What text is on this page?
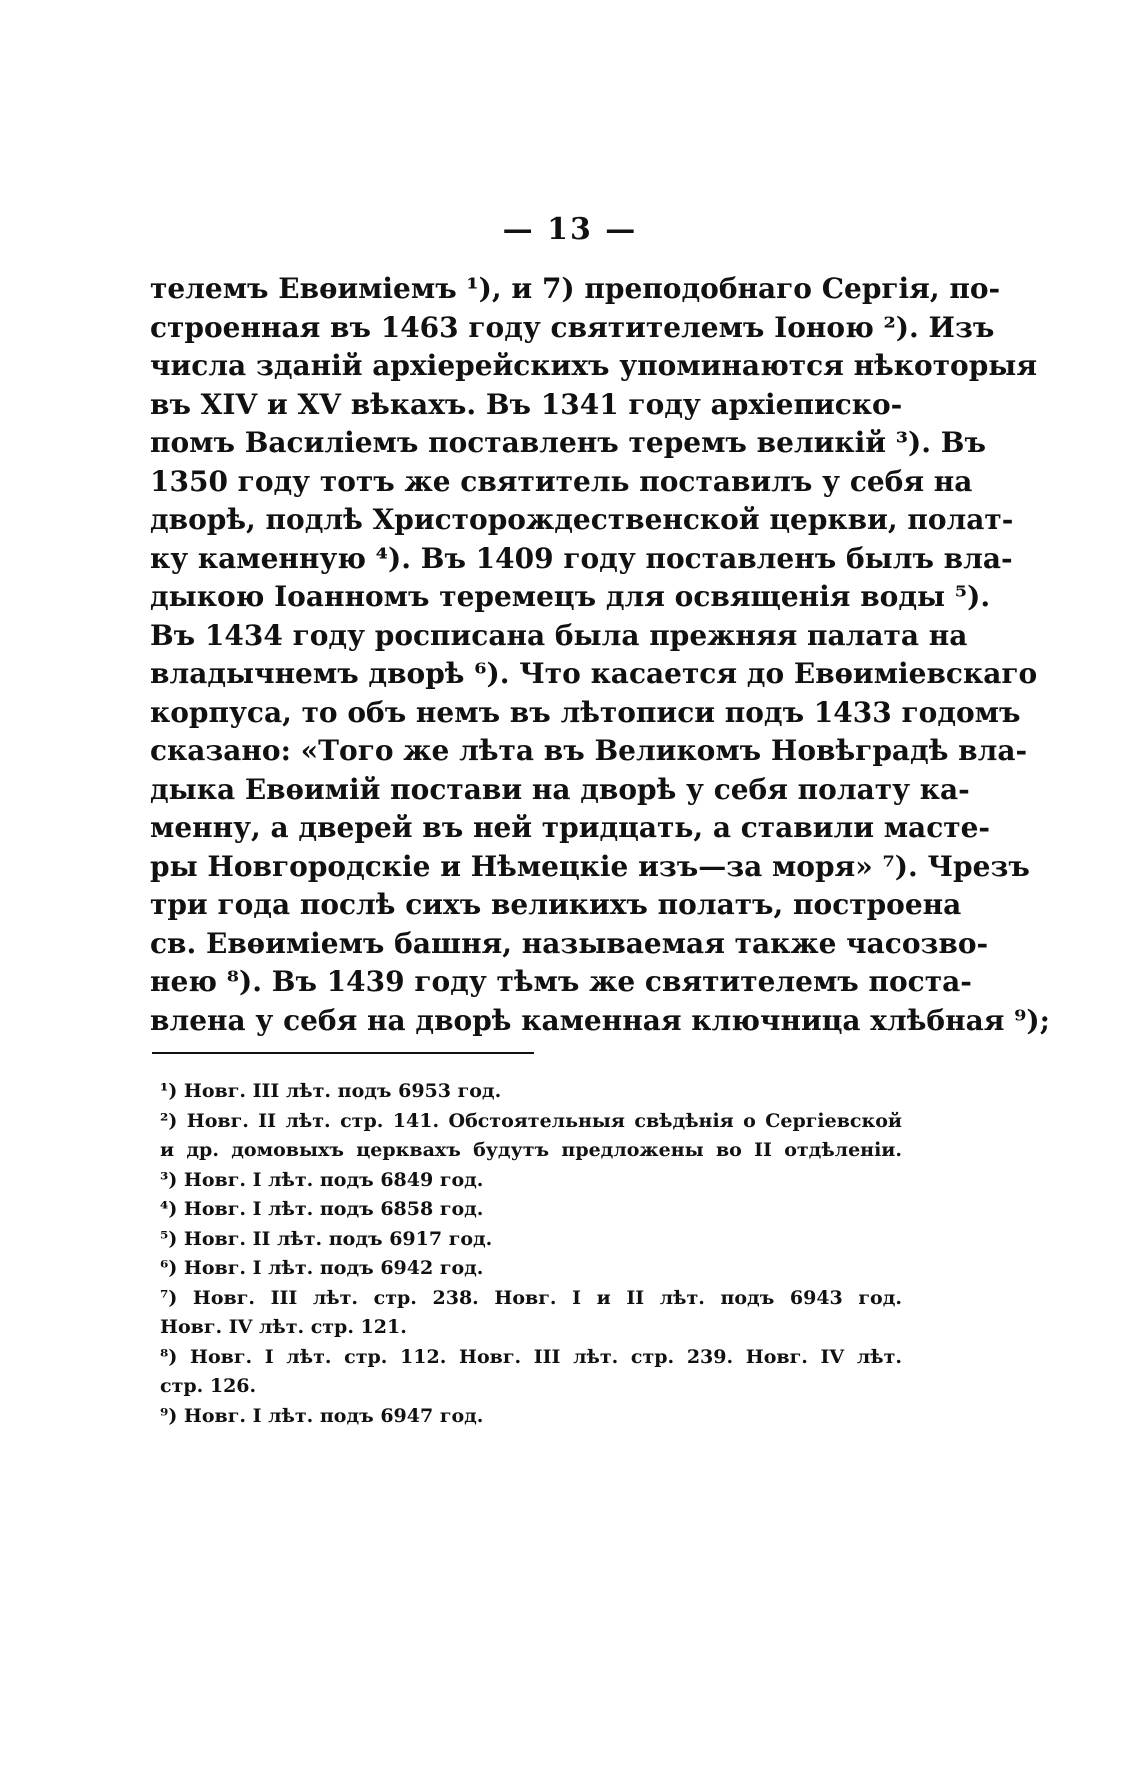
— 13 —
телемъ Евѳиміемъ ¹), и 7) преподобнаго Сергія, по-
строенная въ 1463 году святителемъ Іоною ²). Изъ
числа зданій архіерейскихъ упоминаются нѣкоторыя
въ XIV и XV вѣкахъ. Въ 1341 году архіеписко-
помъ Василіемъ поставленъ теремъ великій ³). Въ
1350 году тотъ же святитель поставилъ у себя на
дворѣ, подлѣ Христорождественской церкви, полат-
ку каменную ⁴). Въ 1409 году поставленъ былъ вла-
дыкою Іоанномъ теремецъ для освященія воды ⁵).
Въ 1434 году росписана была прежняя палата на
владычнемъ дворѣ ⁶). Что касается до Евѳиміевскаго
корпуса, то объ немъ въ лѣтописи подъ 1433 годомъ
сказано: «Того же лѣта въ Великомъ Новѣградѣ вла-
дыка Евѳимій постави на дворѣ у себя полату ка-
менну, а дверей въ ней тридцать, а ставили масте-
ры Новгородскіе и Нѣмецкіе изъ—за моря» ⁷). Чрезъ
три года послѣ сихъ великихъ полатъ, построена
св. Евѳиміемъ башня, называемая также часозво-
нею ⁸). Въ 1439 году тѣмъ же святителемъ поста-
влена у себя на дворѣ каменная ключница хлѣбная ⁹);
¹) Новг. III лѣт. подъ 6953 год.
²) Новг. II лѣт. стр. 141. Обстоятельныя свѣдѣнія о Сергіевской
и др. домовыхъ церквахъ будутъ предложены во II отдѣленіи.
³) Новг. I лѣт. подъ 6849 год.
⁴) Новг. I лѣт. подъ 6858 год.
⁵) Новг. II лѣт. подъ 6917 год.
⁶) Новг. I лѣт. подъ 6942 год.
⁷) Новг. III лѣт. стр. 238. Новг. I и II лѣт. подъ 6943 год.
Новг. IV лѣт. стр. 121.
⁸) Новг. I лѣт. стр. 112. Новг. III лѣт. стр. 239. Новг. IV лѣт.
стр. 126.
⁹) Новг. I лѣт. подъ 6947 год.
